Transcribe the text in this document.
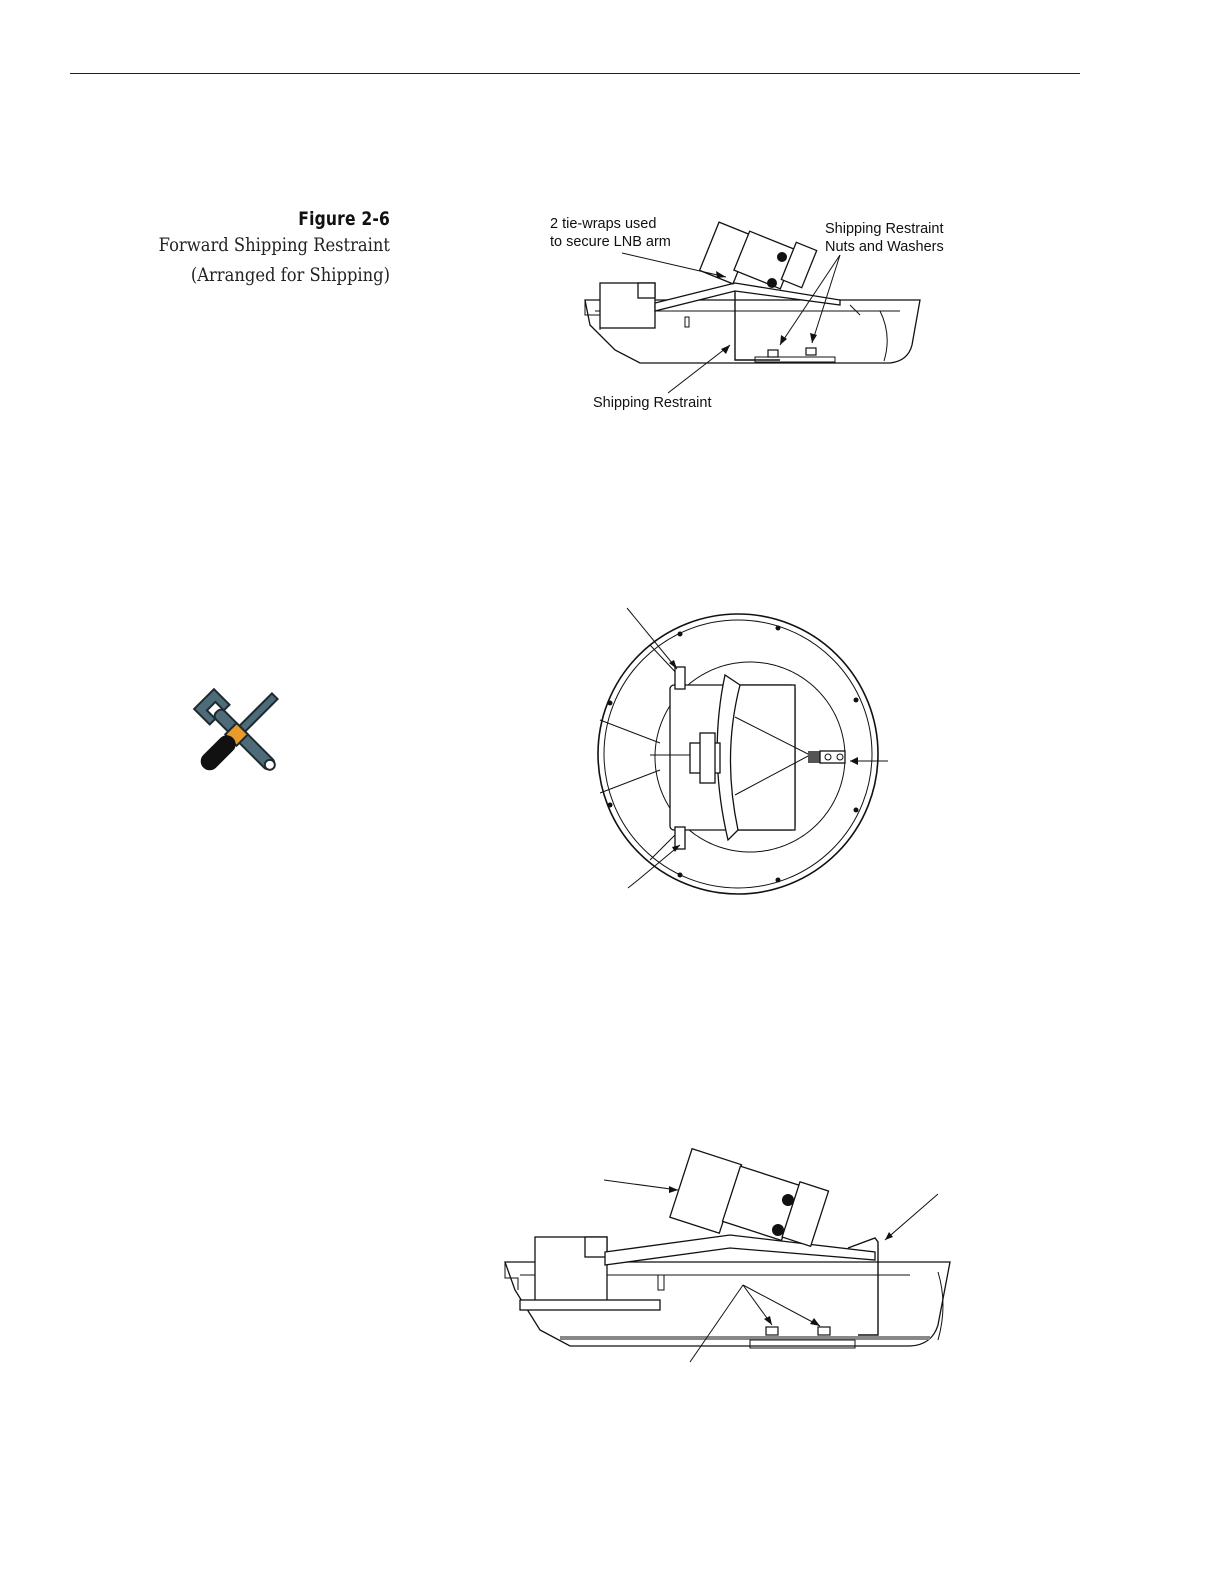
Figure 2-6
Forward Shipping Restraint
(Arranged for Shipping)
2 tie-wraps used
to secure LNB arm
Shipping Restraint
Nuts and Washers
Shipping Restraint
